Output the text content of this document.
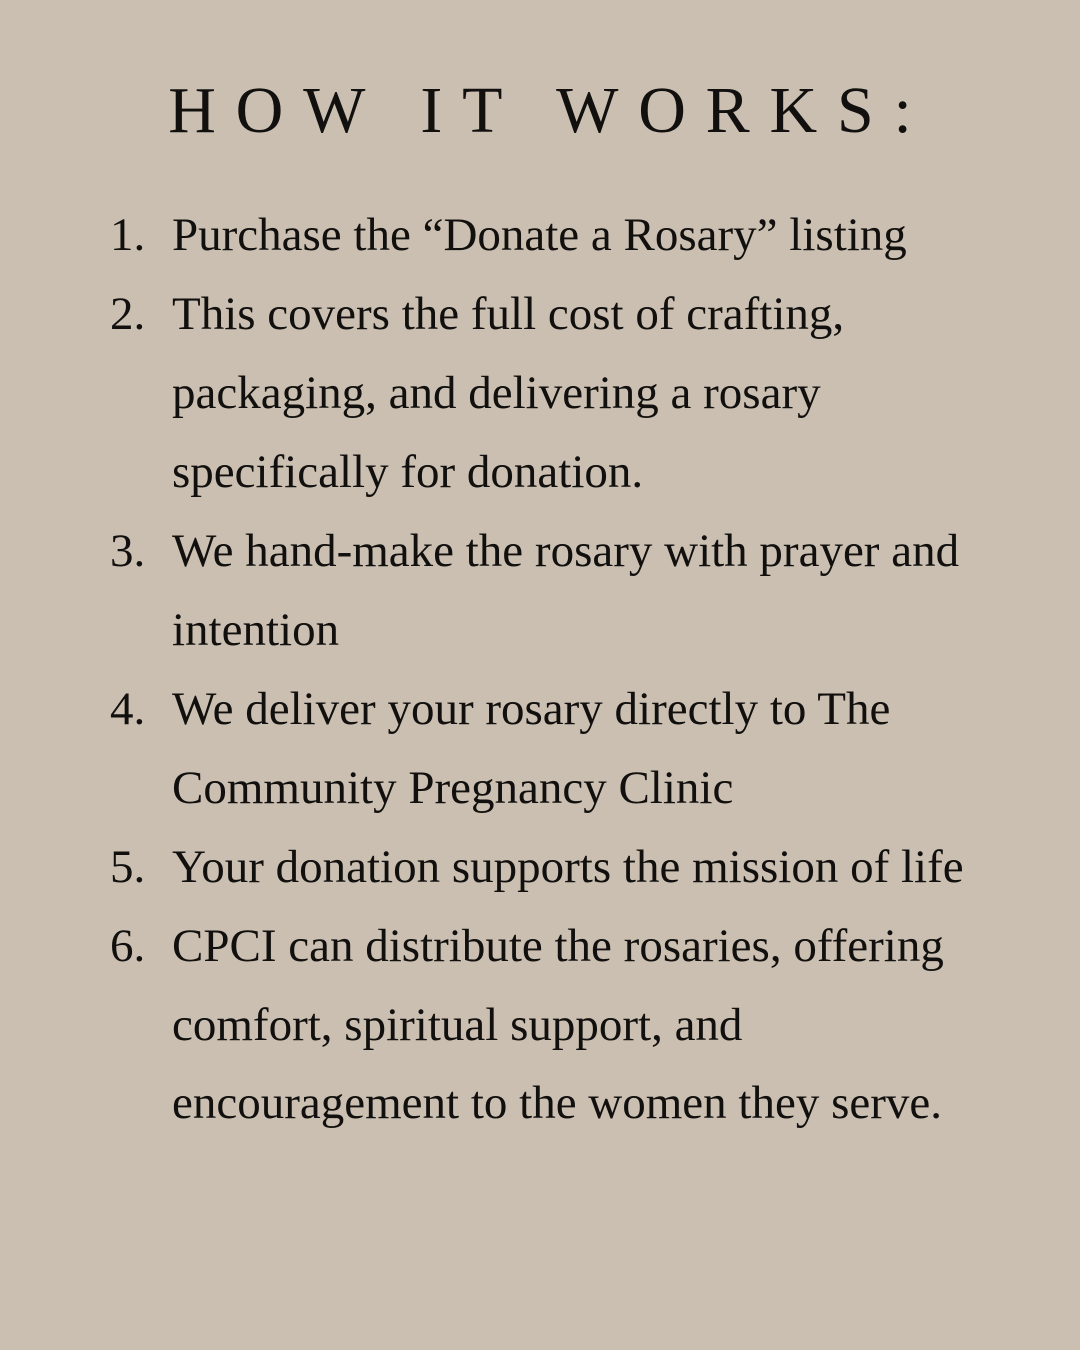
HOW IT WORKS:
1. Purchase the “Donate a Rosary” listing
2. This covers the full cost of crafting, packaging, and delivering a rosary specifically for donation.
3. We hand-make the rosary with prayer and intention
4. We deliver your rosary directly to The Community Pregnancy Clinic
5. Your donation supports the mission of life
6. CPCI can distribute the rosaries, offering comfort, spiritual support, and encouragement to the women they serve.
